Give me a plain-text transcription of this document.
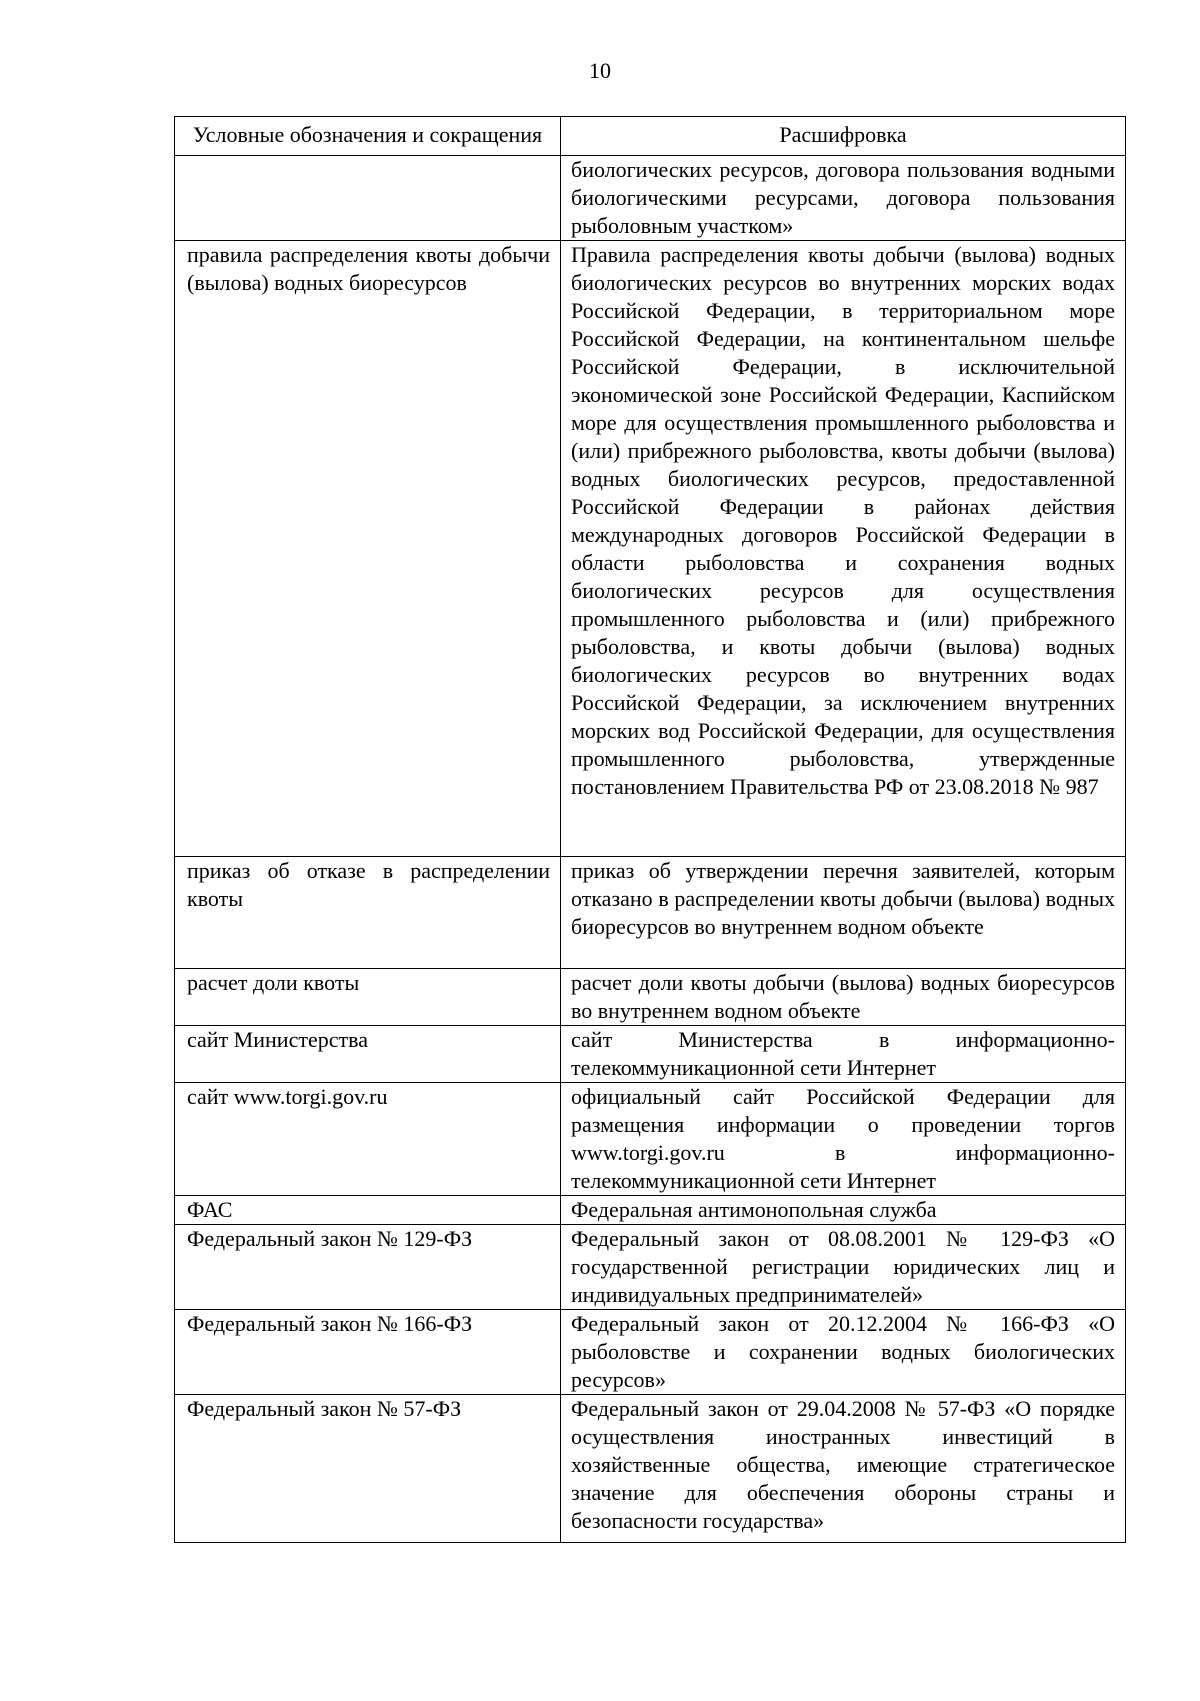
10
Условные обозначения и сокращения	Расшифровка
	биологических ресурсов, договора пользования водными биологическими ресурсами, договора пользования рыболовным участком»
правила распределения квоты добычи (вылова) водных биоресурсов	Правила распределения квоты добычи (вылова) водных биологических ресурсов во внутренних морских водах Российской Федерации, в территориальном море Российской Федерации, на континентальном шельфе Российской Федерации, в исключительной экономической зоне Российской Федерации, Каспийском море для осуществления промышленного рыболовства и (или) прибрежного рыболовства, квоты добычи (вылова) водных биологических ресурсов, предоставленной Российской Федерации в районах действия международных договоров Российской Федерации в области рыболовства и сохранения водных биологических ресурсов для осуществления промышленного рыболовства и (или) прибрежного рыболовства, и квоты добычи (вылова) водных биологических ресурсов во внутренних водах Российской Федерации, за исключением внутренних морских вод Российской Федерации, для осуществления промышленного рыболовства, утвержденные постановлением Правительства РФ от 23.08.2018 № 987
приказ об отказе в распределении квоты	приказ об утверждении перечня заявителей, которым отказано в распределении квоты добычи (вылова) водных биоресурсов во внутреннем водном объекте
расчет доли квоты	расчет доли квоты добычи (вылова) водных биоресурсов во внутреннем водном объекте
сайт Министерства	сайт Министерства в информационно-телекоммуникационной сети Интернет
сайт www.torgi.gov.ru	официальный сайт Российской Федерации для размещения информации о проведении торгов www.torgi.gov.ru в информационно-телекоммуникационной сети Интернет
ФАС	Федеральная антимонопольная служба
Федеральный закон № 129-ФЗ	Федеральный закон от 08.08.2001 № 129-ФЗ «О государственной регистрации юридических лиц и индивидуальных предпринимателей»
Федеральный закон № 166-ФЗ	Федеральный закон от 20.12.2004 № 166-ФЗ «О рыболовстве и сохранении водных биологических ресурсов»
Федеральный закон № 57-ФЗ	Федеральный закон от 29.04.2008 № 57-ФЗ «О порядке осуществления иностранных инвестиций в хозяйственные общества, имеющие стратегическое значение для обеспечения обороны страны и безопасности государства»
